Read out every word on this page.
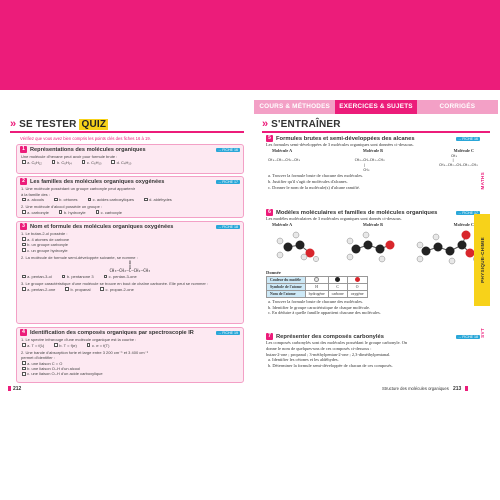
COURS & MÉTHODES	EXERCICES & SUJETS	CORRIGÉS
» SE TESTER QUIZ
Vérifiez que vous avez bien compris les points clés des fiches 16 à 19.
1 Représentations des molécules organiques	→ FICHE 16
Une molécule d'hexane peut avoir pour formule brute :
a. C₆H₁₂	b. C₆H₁₄	c. C₆H₁₀	d. C₄H₁₀
2 Les familles des molécules organiques oxygénées	→ FICHE 17
1. Une molécule possédant un groupe carbonyle peut appartenir
à la famille des :
a. alcools	b. cétones	c. acides carboxyliques	d. aldéhydes
2. Une molécule d'alcool possède un groupe :
a. carbonyle	b. hydroxyle	c. carboxyle
3 Nom et formule des molécules organiques oxygénées	→ FICHE 18
1. Le butan-2-ol possède :
a. 4 atomes de carbone
b. un groupe carbonyle
c. un groupe hydroxyle
2. La molécule de formule semi-développée suivante, se nomme :
O
‖
CH₃—CH₂—C—CH₂—CH₃
a. pentan-3-ol	b. pentanone 3	c. pentan-3-one
3. Le groupe caractéristique d'une molécule se trouve en bout de chaîne carbonée. Elle peut se nommer :
a. pentan-2-one	b. propanal	c. propan-2-one
4 Identification des composés organiques par spectroscopie IR	→ FICHE 19
1. Le spectre infrarouge d'une molécule organique est la courbe :
a. T = f(λ)	b. T = f(σ)	c. σ = f(T)
2. Une bande d'absorption forte et large entre 3 200 cm⁻¹ et 3 400 cm⁻¹
permet d'identifier :
a. une liaison C = O
b. une liaison O–H d'un alcool
c. une liaison O–H d'un acide carboxylique
212
» S'ENTRAÎNER
5 Formules brutes et semi-développées des alcanes	→ FICHE 16
Les formules semi-développées de 3 molécules organiques sont données ci-dessous.
Molécule A	Molécule B	Molécule C

CH₃—CH₂—CH₂—CH₃

	CH₃—CH—CH₂—CH₃
|
CH₃
CH₃
|
CH₃—CH₂—CH—CH₂—CH₃
a. Trouver la formule brute de chacune des molécules.
b. Justifier qu'il s'agit de molécules d'alcanes.
c. Donner le nom de la molécule(s) d'alcane ramifié.
6 Modèles moléculaires et familles de molécules organiques	→ FICHE 17
Les modèles moléculaires de 3 molécules organiques sont donnés ci-dessous.
Molécule A	Molécule B	Molécule C
Donnée
Couleur du modèle			
Symbole de l'atome	H	C	O
Nom de l'atome	hydrogène	carbone	oxygène
a. Trouver la formule brute de chacune des molécules.
b. Identifier le groupe caractéristique de chaque molécule.
c. En déduire à quelle famille appartient chacune des molécules.
7 Représenter des composés carbonylés	→ FICHE 18
Les composés carbonylés sont des molécules possédant le groupe carbonyle. On
donne le nom de quelques-uns de ces composés ci-dessous :
butan-2-one ; propanal ; 3-méthylpentan-2-one ; 2,3-diméthylpentanal.
a. Identifier les cétones et les aldéhydes.
b. Déterminer la formule semi-développée de chacun de ces composés.
MATHS
PHYSIQUE-CHIMIE
SVT
Structure des molécules organiques 213
